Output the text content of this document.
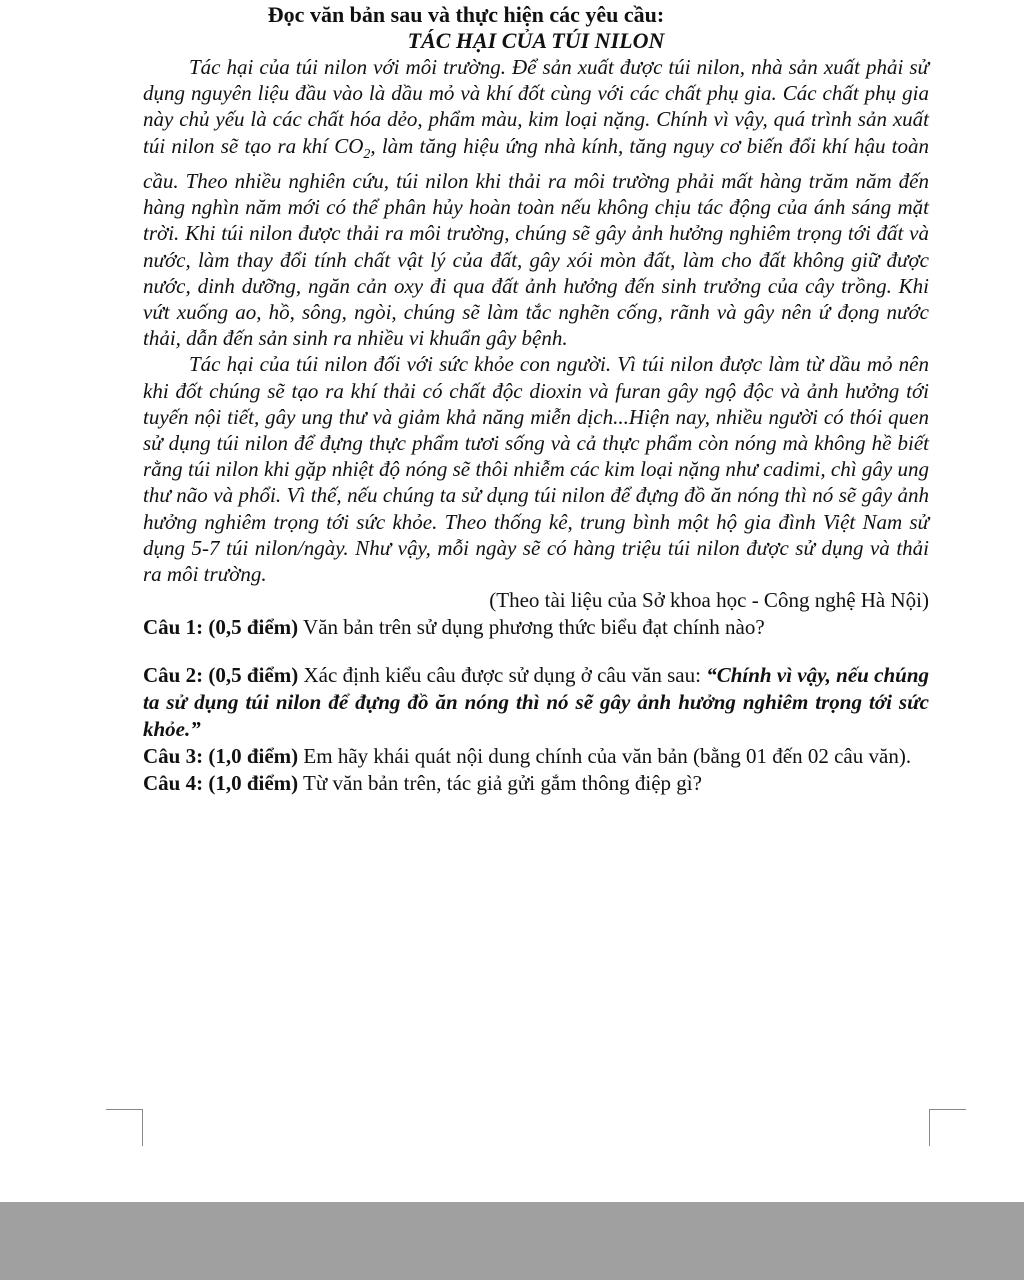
Đọc văn bản sau và thực hiện các yêu cầu:

TÁC HẠI CỦA TÚI NILON

Tác hại của túi nilon với môi trường. Để sản xuất được túi nilon, nhà sản xuất phải sử dụng nguyên liệu đầu vào là dầu mỏ và khí đốt cùng với các chất phụ gia. Các chất phụ gia này chủ yếu là các chất hóa dẻo, phẩm màu, kim loại nặng. Chính vì vậy, quá trình sản xuất túi nilon sẽ tạo ra khí $CO_2$, làm tăng hiệu ứng nhà kính, tăng nguy cơ biến đổi khí hậu toàn cầu. Theo nhiều nghiên cứu, túi nilon khi thải ra môi trường phải mất hàng trăm năm đến hàng nghìn năm mới có thể phân hủy hoàn toàn nếu không chịu tác động của ánh sáng mặt trời. Khi túi nilon được thải ra môi trường, chúng sẽ gây ảnh hưởng nghiêm trọng tới đất và nước, làm thay đổi tính chất vật lý của đất, gây xói mòn đất, làm cho đất không giữ được nước, dinh dưỡng, ngăn cản oxy đi qua đất ảnh hưởng đến sinh trưởng của cây trồng. Khi vứt xuống ao, hồ, sông, ngòi, chúng sẽ làm tắc nghẽn cống, rãnh và gây nên ứ đọng nước thải, dẫn đến sản sinh ra nhiều vi khuẩn gây bệnh.

Tác hại của túi nilon đối với sức khỏe con người. Vì túi nilon được làm từ dầu mỏ nên khi đốt chúng sẽ tạo ra khí thải có chất độc dioxin và furan gây ngộ độc và ảnh hưởng tới tuyến nội tiết, gây ung thư và giảm khả năng miễn dịch...Hiện nay, nhiều người có thói quen sử dụng túi nilon để đựng thực phẩm tươi sống và cả thực phẩm còn nóng mà không hề biết rằng túi nilon khi gặp nhiệt độ nóng sẽ thôi nhiễm các kim loại nặng như cadimi, chì gây ung thư não và phổi. Vì thế, nếu chúng ta sử dụng túi nilon để đựng đồ ăn nóng thì nó sẽ gây ảnh hưởng nghiêm trọng tới sức khỏe. Theo thống kê, trung bình một hộ gia đình Việt Nam sử dụng 5-7 túi nilon/ngày. Như vậy, mỗi ngày sẽ có hàng triệu túi nilon được sử dụng và thải ra môi trường.

(Theo tài liệu của Sở khoa học - Công nghệ Hà Nội)

Câu 1: (0,5 điểm) Văn bản trên sử dụng phương thức biểu đạt chính nào?

Câu 2: (0,5 điểm) Xác định kiểu câu được sử dụng ở câu văn sau: “Chính vì vậy, nếu chúng ta sử dụng túi nilon để đựng đồ ăn nóng thì nó sẽ gây ảnh hưởng nghiêm trọng tới sức khỏe.”

Câu 3: (1,0 điểm) Em hãy khái quát nội dung chính của văn bản (bằng 01 đến 02 câu văn).

Câu 4: (1,0 điểm) Từ văn bản trên, tác giả gửi gắm thông điệp gì?
